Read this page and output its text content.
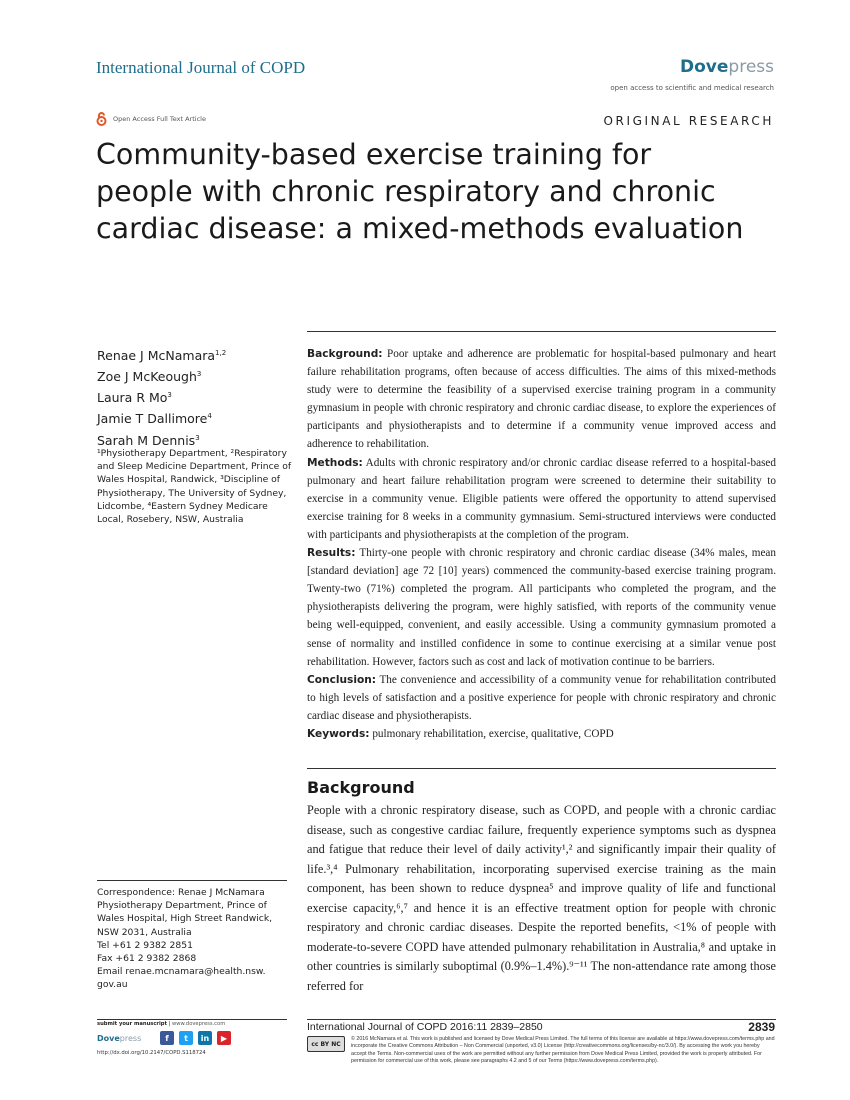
International Journal of COPD	Dovepress
open access to scientific and medical research
Open Access Full Text Article	ORIGINAL RESEARCH
Community-based exercise training for people with chronic respiratory and chronic cardiac disease: a mixed-methods evaluation
Renae J McNamara$^{1,2}$
Zoe J McKeough$^3$
Laura R Mo$^3$
Jamie T Dallimore$^4$
Sarah M Dennis$^3$
¹Physiotherapy Department, ²Respiratory and Sleep Medicine Department, Prince of Wales Hospital, Randwick, ³Discipline of Physiotherapy, The University of Sydney, Lidcombe, ⁴Eastern Sydney Medicare Local, Rosebery, NSW, Australia

Background: Poor uptake and adherence are problematic for hospital-based pulmonary and heart failure rehabilitation programs, often because of access difficulties. The aims of this mixed-methods study were to determine the feasibility of a supervised exercise training program in a community gymnasium in people with chronic respiratory and chronic cardiac disease, to explore the experiences of participants and physiotherapists and to determine if a community venue improved access and adherence to rehabilitation.

Methods: Adults with chronic respiratory and/or chronic cardiac disease referred to a hospital-based pulmonary and heart failure rehabilitation program were screened to determine their suitability to exercise in a community venue. Eligible patients were offered the opportunity to attend supervised exercise training for 8 weeks in a community gymnasium. Semi-structured interviews were conducted with participants and physiotherapists at the completion of the program.

Results: Thirty-one people with chronic respiratory and chronic cardiac disease (34% males, mean [standard deviation] age 72 [10] years) commenced the community-based exercise training program. Twenty-two (71%) completed the program. All participants who completed the program, and the physiotherapists delivering the program, were highly satisfied, with reports of the community venue being well-equipped, convenient, and easily accessible. Using a community gymnasium promoted a sense of normality and instilled confidence in some to continue exercising at a similar venue post rehabilitation. However, factors such as cost and lack of motivation continue to be barriers.

Conclusion: The convenience and accessibility of a community venue for rehabilitation contributed to high levels of satisfaction and a positive experience for people with chronic respiratory and chronic cardiac disease and physiotherapists.

Keywords: pulmonary rehabilitation, exercise, qualitative, COPD

Background
People with a chronic respiratory disease, such as COPD, and people with a chronic cardiac disease, such as congestive cardiac failure, frequently experience symptoms such as dyspnea and fatigue that reduce their level of daily activity¹,² and significantly impair their quality of life.³,⁴ Pulmonary rehabilitation, incorporating supervised exercise training as the main component, has been shown to reduce dyspnea⁵ and improve quality of life and functional exercise capacity,⁶,⁷ and hence it is an effective treatment option for people with chronic respiratory and chronic cardiac diseases. Despite the reported benefits, <1% of people with moderate-to-severe COPD have attended pulmonary rehabilitation in Australia,⁸ and uptake in other countries is similarly suboptimal (0.9%–1.4%).⁹⁻¹¹ The non-attendance rate among those referred for
Correspondence: Renae J McNamara
Physiotherapy Department, Prince of
Wales Hospital, High Street Randwick,
NSW 2031, Australia
Tel +61 2 9382 2851
Fax +61 2 9382 2868
Email renae.mcnamara@health.nsw.
gov.au
submit your manuscript | www.dovepress.com
Dovepress	f	t	in	▶
http://dx.doi.org/10.2147/COPD.S118724
International Journal of COPD 2016:11 2839–2850	2839
cc BY NC
© 2016 McNamara et al. This work is published and licensed by Dove Medical Press Limited. The full terms of this license are available at https://www.dovepress.com/terms.php and incorporate the Creative Commons Attribution – Non Commercial (unported, v3.0) License (http://creativecommons.org/licenses/by-nc/3.0/). By accessing the work you hereby accept the Terms. Non-commercial uses of the work are permitted without any further permission from Dove Medical Press Limited, provided the work is properly attributed. For permission for commercial use of this work, please see paragraphs 4.2 and 5 of our Terms (https://www.dovepress.com/terms.php).
